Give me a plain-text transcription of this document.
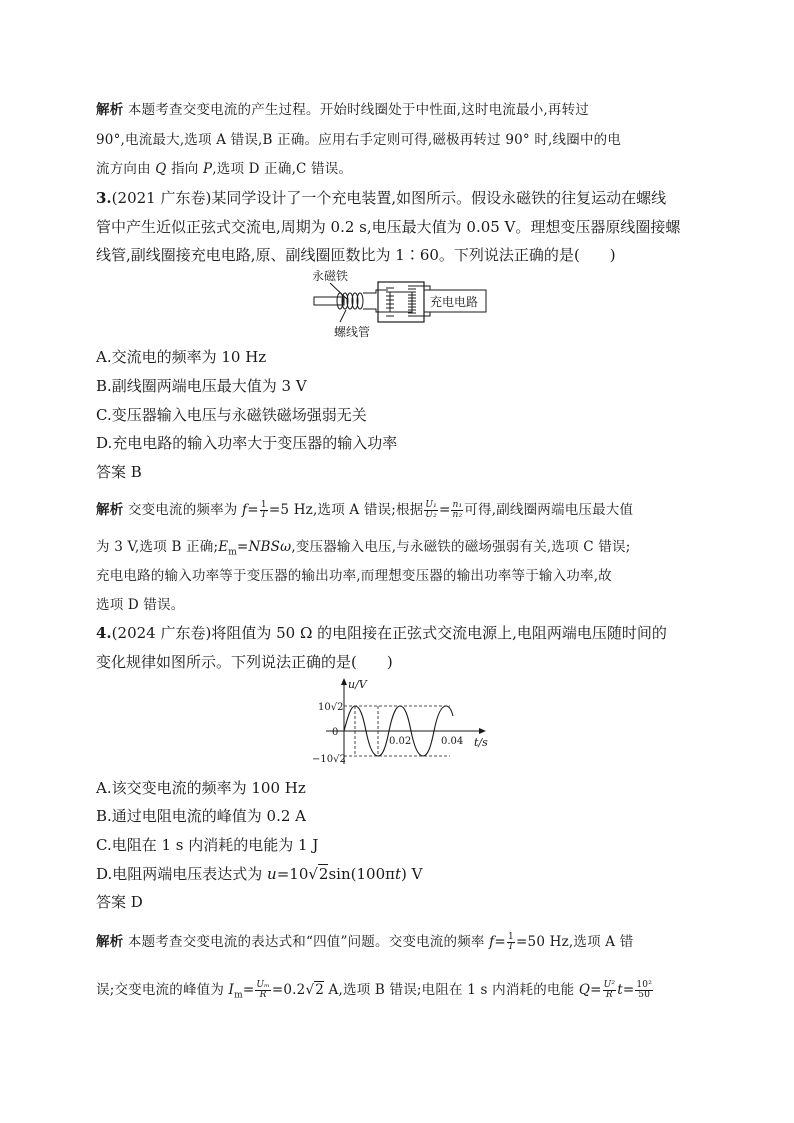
解析 本题考查交变电流的产生过程。开始时线圈处于中性面,这时电流最小,再转过
90°,电流最大,选项 A 错误,B 正确。应用右手定则可得,磁极再转过 90° 时,线圈中的电
流方向由 Q 指向 P,选项 D 正确,C 错误。
3.(2021 广东卷)某同学设计了一个充电装置,如图所示。假设永磁铁的往复运动在螺线
管中产生近似正弦式交流电,周期为 0.2 s,电压最大值为 0.05 V。理想变压器原线圈接螺
线管,副线圈接充电电路,原、副线圈匝数比为 1∶60。下列说法正确的是(　　)
永磁铁
螺线管
充电电路
A.交流电的频率为 10 Hz
B.副线圈两端电压最大值为 3 V
C.变压器输入电压与永磁铁磁场强弱无关
D.充电电路的输入功率大于变压器的输入功率
答案 B
解析 交变电流的频率为 $f= \frac{1}{T} =5$ Hz,选项 A 错误;根据 $\frac{\text{U₁}}{\text{U₂}} = \frac{\text{n₁}}{\text{n₂}}$ 可得,副线圈两端电压最大值
为 3 V,选项 B 正确$;E_m=NBS\omega$,变压器输入电压,与永磁铁的磁场强弱有关,选项 C 错误;
充电电路的输入功率等于变压器的输出功率,而理想变压器的输出功率等于输入功率,故
选项 D 错误。
4.(2024 广东卷)将阻值为 50 Ω 的电阻接在正弦式交流电源上,电阻两端电压随时间的
变化规律如图所示。下列说法正确的是(　　)
u/V
t/s
10√2
0
−10√2
0.02	0.04
A.该交变电流的频率为 100 Hz
B.通过电阻电流的峰值为 0.2 A
C.电阻在 1 s 内消耗的电能为 1 J
D.电阻两端电压表达式为 u=10√2sin(100πt) V
答案 D
解析 本题考查交变电流的表达式和“四值”问题。交变电流的频率 $f= \frac{1}{T} =50$ Hz,选项 A 错
误;交变电流的峰值为 $I_m= \frac{\text{Uₘ}}{R} =0.2√2$ A,选项 B 错误;电阻在 1 s 内消耗的电能 $Q= \frac{\text{U²}}{R} t= \frac{\text{10²}}{50}$
